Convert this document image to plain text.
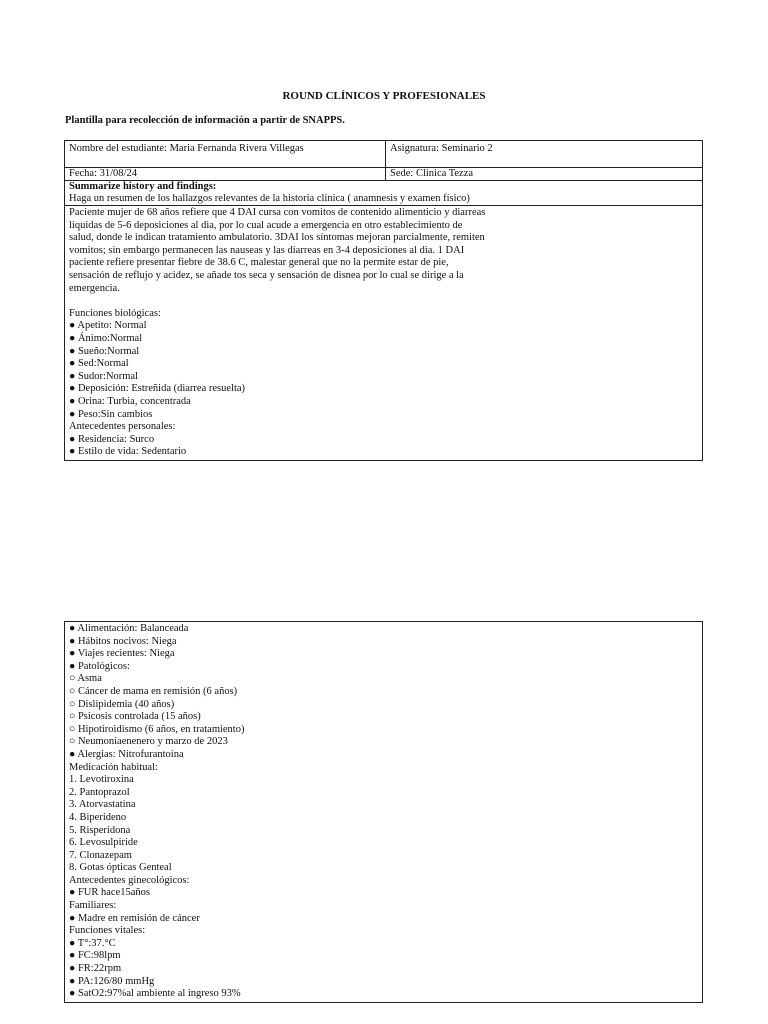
ROUND CLÍNICOS Y PROFESIONALES
Plantilla para recolección de información a partir de SNAPPS.
Nombre del estudiante: Maria Fernanda Rivera Villegas	Asignatura: Seminario 2
Fecha: 31/08/24	Sede: Clinica Tezza
Summarize history and findings:
Haga un resumen de los hallazgos relevantes de la historia clínica ( anamnesis y examen físico)
Paciente mujer de 68 años refiere que 4 DAI cursa con vomitos de contenido alimenticio y diarreas
liquidas de 5-6 deposiciones al dia, por lo cual acude a emergencia en otro establecimiento de
salud, donde le indican tratamiento ambulatorio. 3DAI los síntomas mejoran parcialmente, remiten
vomitos; sin embargo permanecen las nauseas y las diarreas en 3-4 deposiciones al dia. 1 DAI
paciente refiere presentar fiebre de 38.6 C, malestar general que no la permite estar de pie,
sensación de reflujo y acidez, se añade tos seca y sensación de disnea por lo cual se dirige a la
emergencia.
Funciones biológicas:
● Apetito: Normal
● Ánimo:Normal
● Sueño:Normal
● Sed:Normal
● Sudor:Normal
● Deposición: Estreñida (diarrea resuelta)
● Orina: Turbia, concentrada
● Peso:Sin cambios
Antecedentes personales:
● Residencia: Surco
● Estilo de vida: Sedentario
● Alimentación: Balanceada
● Hábitos nocivos: Niega
● Viajes recientes: Niega
● Patológicos:
○ Asma
○ Cáncer de mama en remisión (6 años)
○ Dislipidemia (40 años)
○ Psicosis controlada (15 años)
○ Hipotiroidismo (6 años, en tratamiento)
○ Neumoníaenenero y marzo de 2023
● Alergias: Nitrofurantoína
Medicación habitual:
1. Levotiroxina
2. Pantoprazol
3. Atorvastatina
4. Biperideno
5. Risperidona
6. Levosulpiride
7. Clonazepam
8. Gotas ópticas Genteal
Antecedentes ginecológicos:
● FUR hace15años
Familiares:
● Madre en remisión de cáncer
Funciones vitales:
● T°:37.°C
● FC:98lpm
● FR:22rpm
● PA:126/80 mmHg
● SatO2:97%al ambiente al ingreso 93%
